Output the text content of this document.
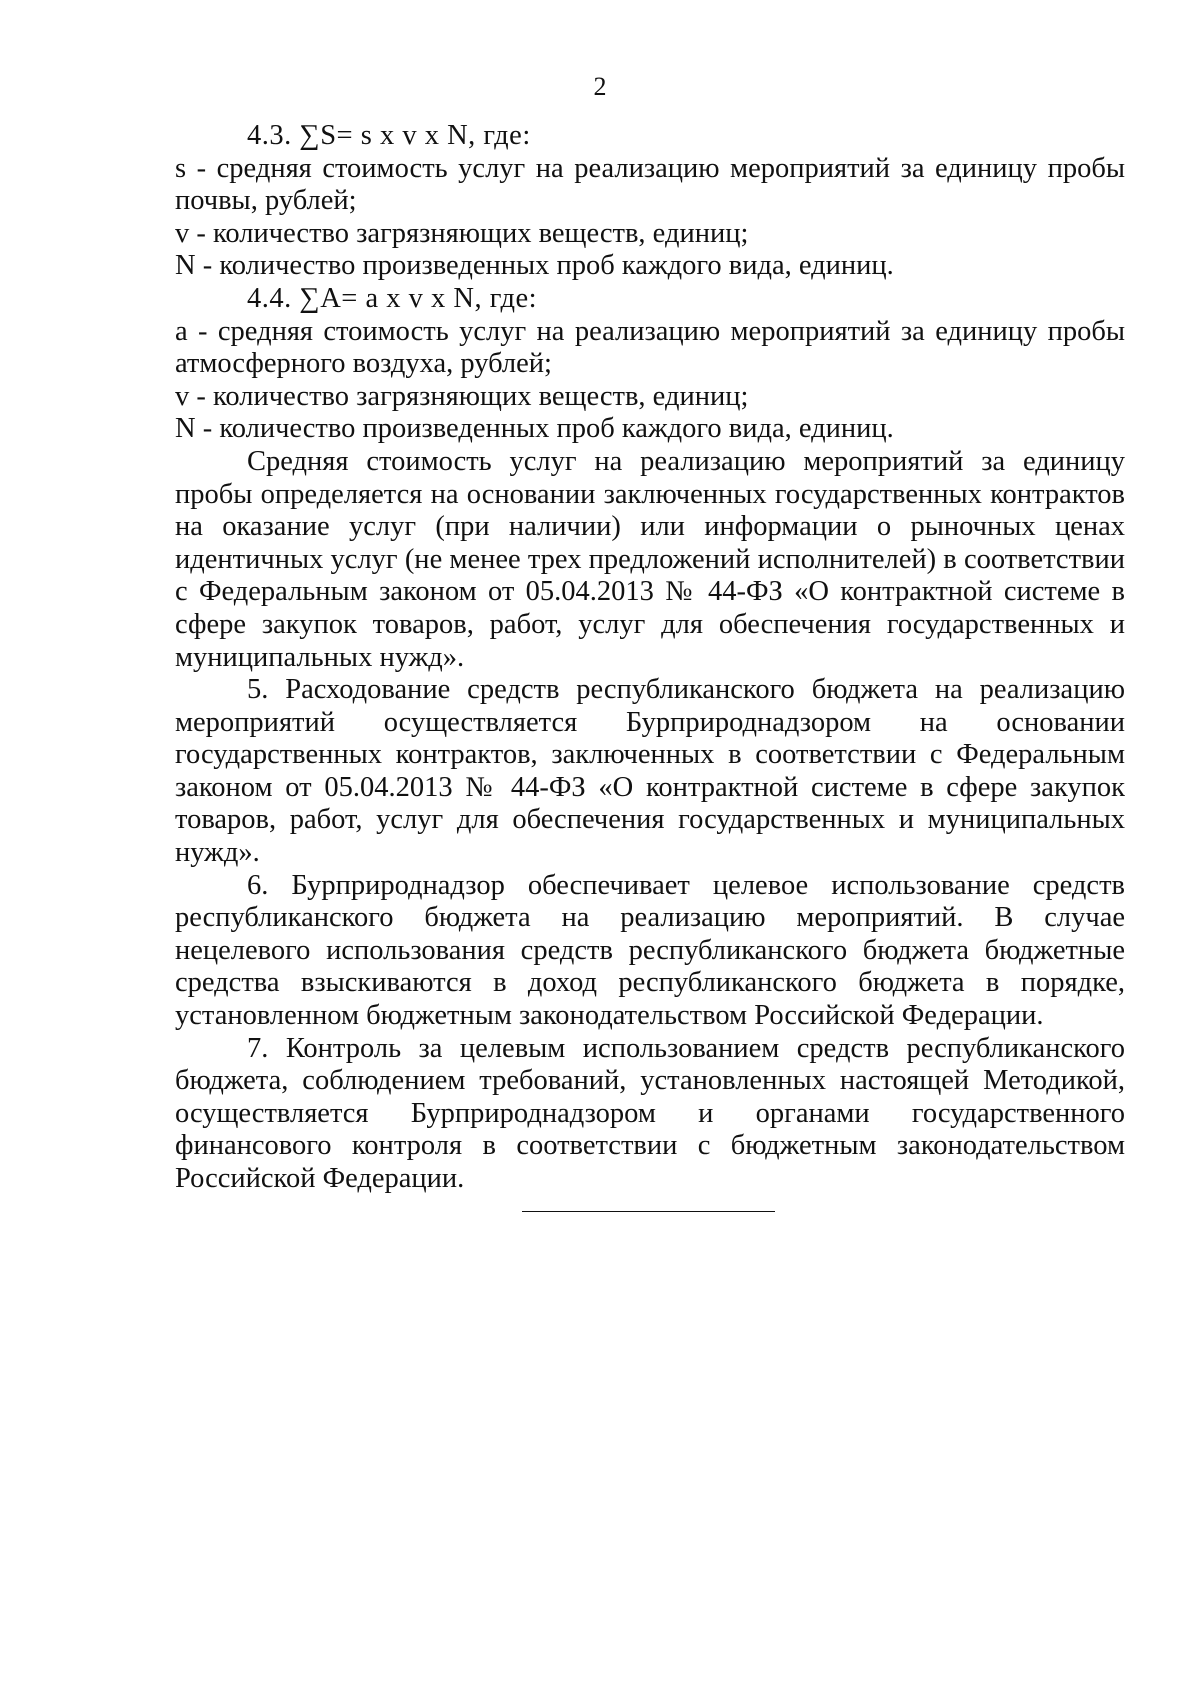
2

4.3. ∑S= s x v x N, где:

s - средняя стоимость услуг на реализацию мероприятий за единицу пробы почвы, рублей;

v - количество загрязняющих веществ, единиц;

N - количество произведенных проб каждого вида, единиц.

4.4. ∑A= a x v x N, где:

a - средняя стоимость услуг на реализацию мероприятий за единицу пробы атмосферного воздуха, рублей;

v - количество загрязняющих веществ, единиц;

N - количество произведенных проб каждого вида, единиц.

Средняя стоимость услуг на реализацию мероприятий за единицу пробы определяется на основании заключенных государственных контрактов на оказание услуг (при наличии) или информации о рыночных ценах идентичных услуг (не менее трех предложений исполнителей) в соответствии с Федеральным законом от 05.04.2013 № 44-ФЗ «О контрактной системе в сфере закупок товаров, работ, услуг для обеспечения государственных и муниципальных нужд».

5. Расходование средств республиканского бюджета на реализацию мероприятий осуществляется Бурприроднадзором на основании государственных контрактов, заключенных в соответствии с Федеральным законом от 05.04.2013 № 44-ФЗ «О контрактной системе в сфере закупок товаров, работ, услуг для обеспечения государственных и муниципальных нужд».

6. Бурприроднадзор обеспечивает целевое использование средств республиканского бюджета на реализацию мероприятий. В случае нецелевого использования средств республиканского бюджета бюджетные средства взыскиваются в доход республиканского бюджета в порядке, установленном бюджетным законодательством Российской Федерации.

7. Контроль за целевым использованием средств республиканского бюджета, соблюдением требований, установленных настоящей Методикой, осуществляется Бурприроднадзором и органами государственного финансового контроля в соответствии с бюджетным законодательством Российской Федерации.
